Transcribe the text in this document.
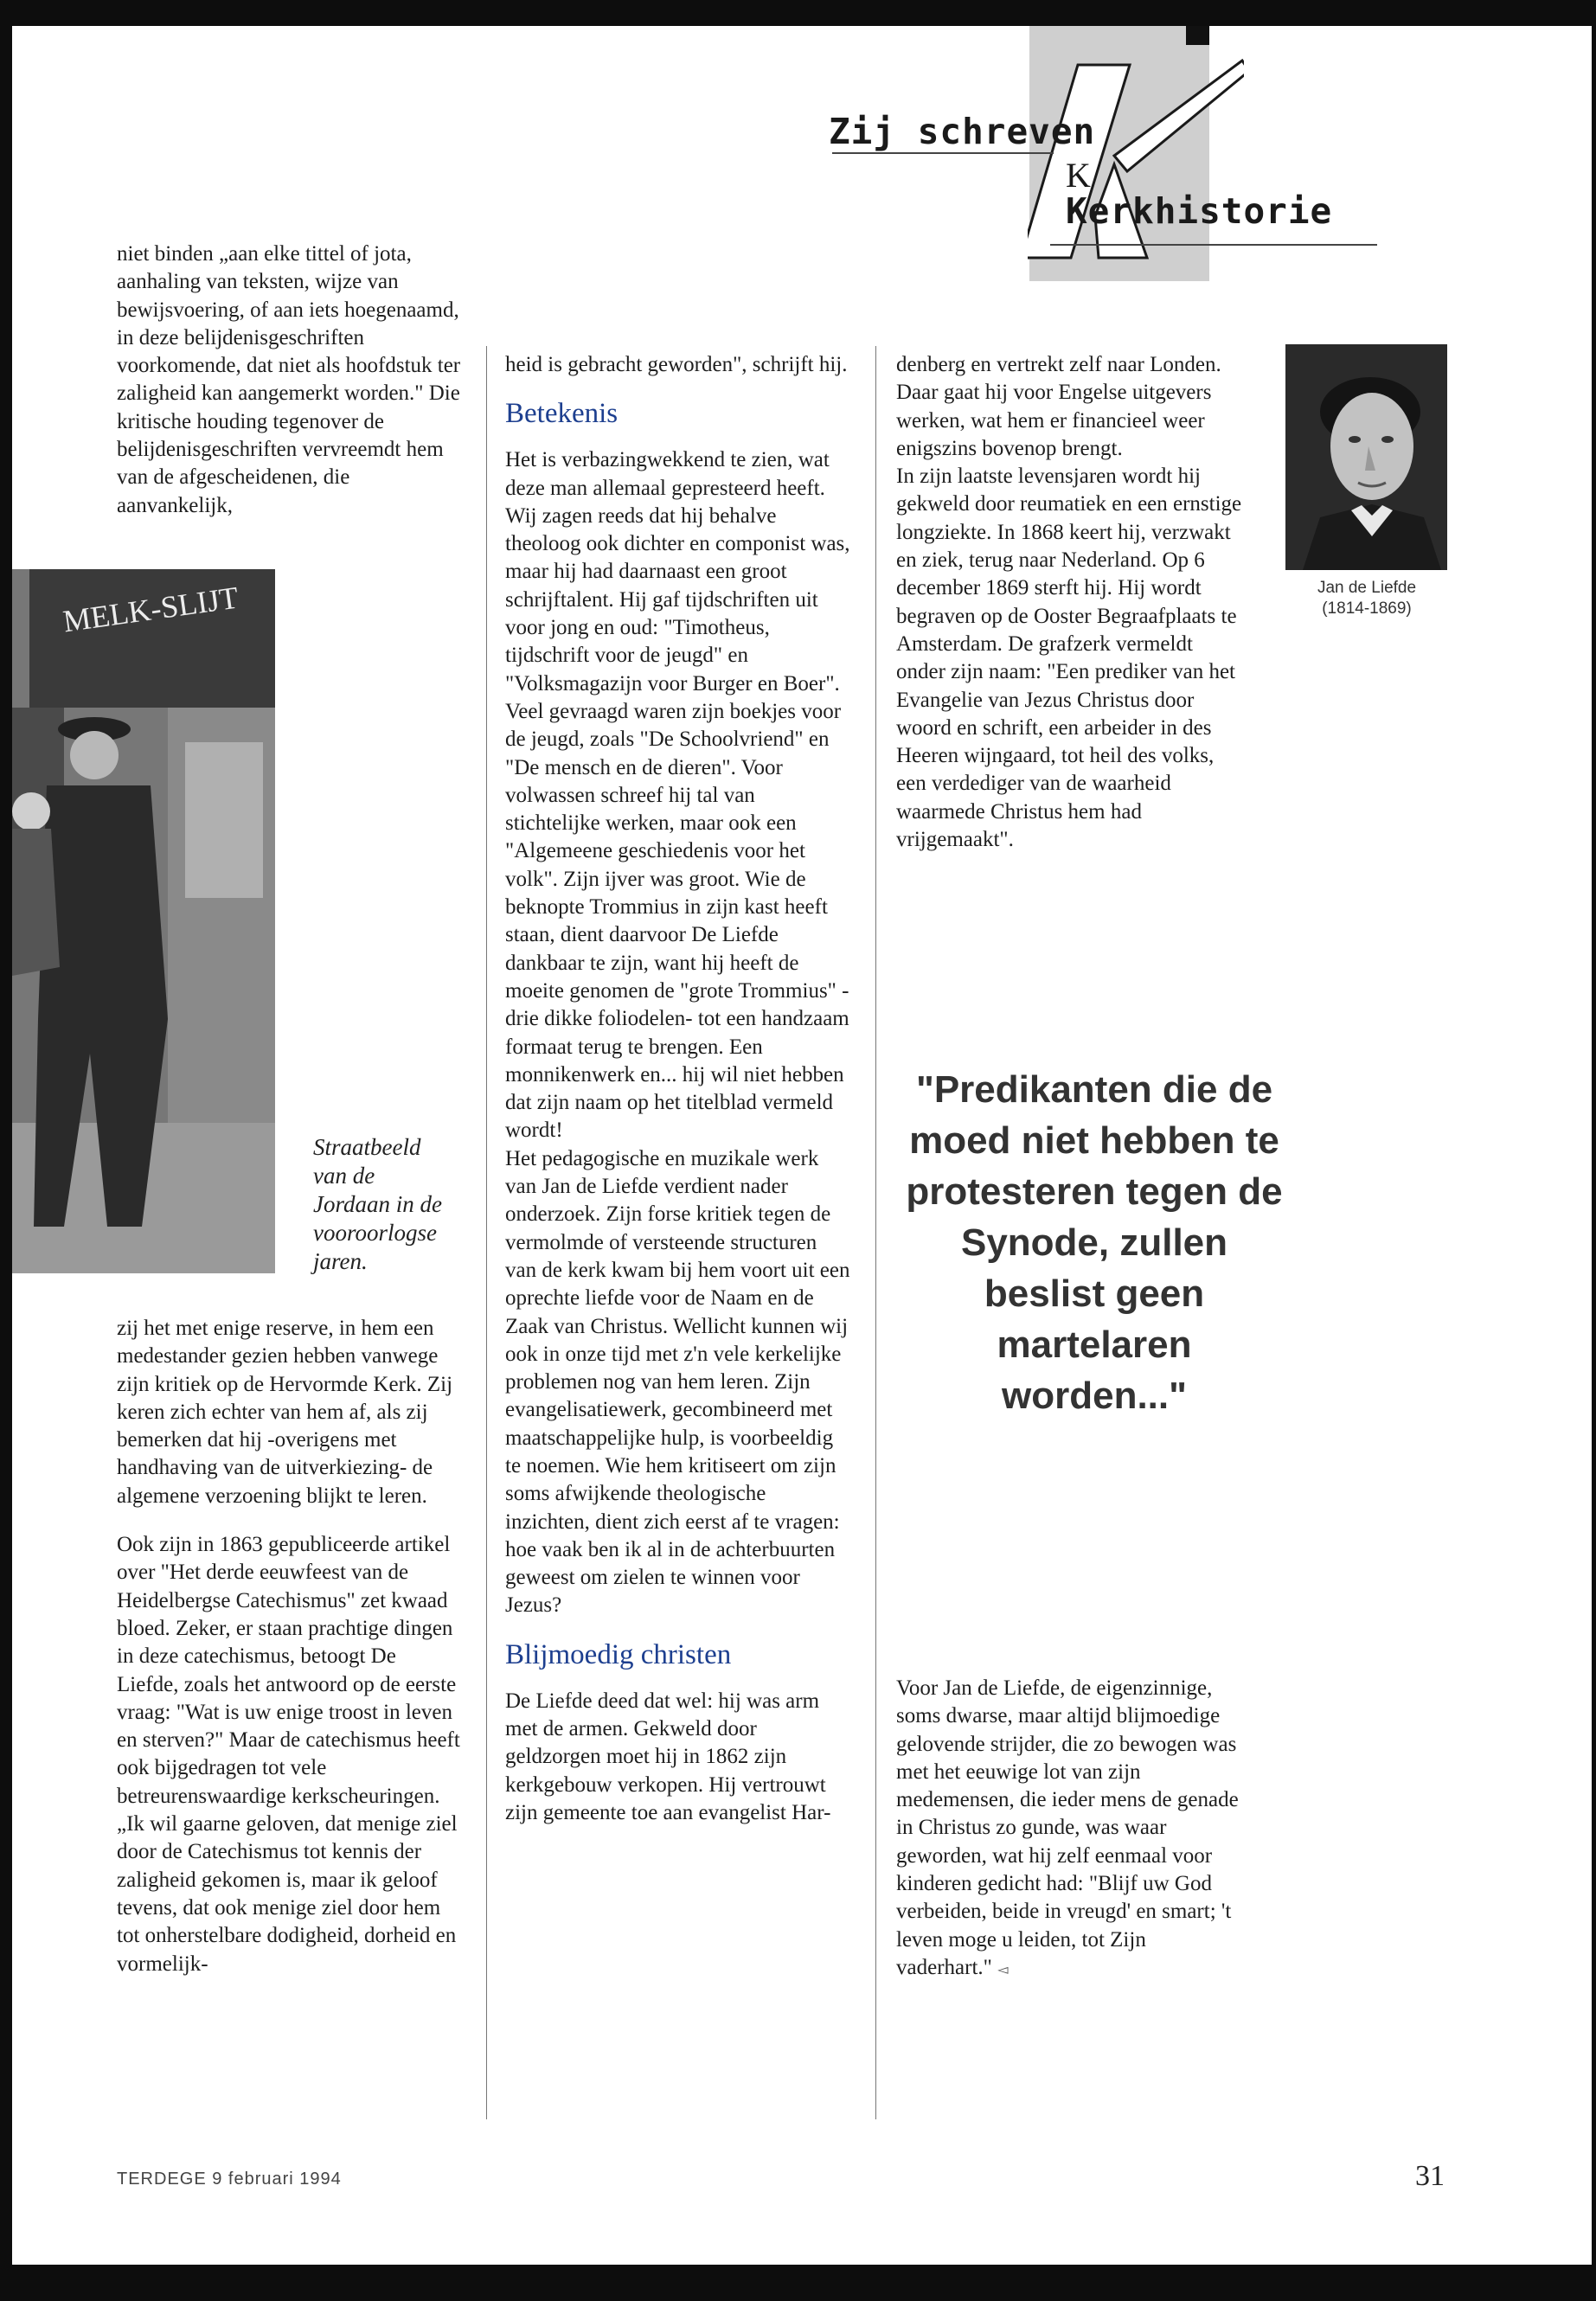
K
Zij schreven
Kerkhistorie

niet binden „aan elke tittel of jota, aanhaling van teksten, wijze van bewijsvoering, of aan iets hoegenaamd, in deze belijdenisgeschriften voorkomende, dat niet als hoofdstuk ter zaligheid kan aangemerkt worden." Die kritische houding tegenover de belijdenisgeschriften vervreemdt hem van de afgescheidenen, die aanvankelijk,

MELK-SLIJT
Straatbeeld van de Jordaan in de vooroorlogse jaren.

zij het met enige reserve, in hem een medestander gezien hebben vanwege zijn kritiek op de Hervormde Kerk. Zij keren zich echter van hem af, als zij bemerken dat hij -overigens met handhaving van de uitverkiezing- de algemene verzoening blijkt te leren.

Ook zijn in 1863 gepubliceerde artikel over "Het derde eeuwfeest van de Heidelbergse Catechismus" zet kwaad bloed. Zeker, er staan prachtige dingen in deze catechismus, betoogt De Liefde, zoals het antwoord op de eerste vraag: "Wat is uw enige troost in leven en sterven?" Maar de catechismus heeft ook bijgedragen tot vele betreurenswaardige kerkscheuringen. „Ik wil gaarne geloven, dat menige ziel door de Catechismus tot kennis der zaligheid gekomen is, maar ik geloof tevens, dat ook menige ziel door hem tot onherstelbare dodigheid, dorheid en vormelijk-

heid is gebracht geworden", schrijft hij.

Betekenis

Het is verbazingwekkend te zien, wat deze man allemaal gepresteerd heeft. Wij zagen reeds dat hij behalve theoloog ook dichter en componist was, maar hij had daarnaast een groot schrijftalent. Hij gaf tijdschriften uit voor jong en oud: "Timotheus, tijdschrift voor de jeugd" en "Volksmagazijn voor Burger en Boer". Veel gevraagd waren zijn boekjes voor de jeugd, zoals "De Schoolvriend" en "De mensch en de dieren". Voor volwassen schreef hij tal van stichtelijke werken, maar ook een "Algemeene geschiedenis voor het volk". Zijn ijver was groot. Wie de beknopte Trommius in zijn kast heeft staan, dient daarvoor De Liefde dankbaar te zijn, want hij heeft de moeite genomen de "grote Trommius" -drie dikke foliodelen- tot een handzaam formaat terug te brengen. Een monnikenwerk en... hij wil niet hebben dat zijn naam op het titelblad vermeld wordt!

Het pedagogische en muzikale werk van Jan de Liefde verdient nader onderzoek. Zijn forse kritiek tegen de vermolmde of versteende structuren van de kerk kwam bij hem voort uit een oprechte liefde voor de Naam en de Zaak van Christus. Wellicht kunnen wij ook in onze tijd met z'n vele kerkelijke problemen nog van hem leren. Zijn evangelisatiewerk, gecombineerd met maatschappelijke hulp, is voorbeeldig te noemen. Wie hem kritiseert om zijn soms afwijkende theologische inzichten, dient zich eerst af te vragen: hoe vaak ben ik al in de achterbuurten geweest om zielen te winnen voor Jezus?

Blijmoedig christen

De Liefde deed dat wel: hij was arm met de armen. Gekweld door geldzorgen moet hij in 1862 zijn kerkgebouw verkopen. Hij vertrouwt zijn gemeente toe aan evangelist Har-

denberg en vertrekt zelf naar Londen. Daar gaat hij voor Engelse uitgevers werken, wat hem er financieel weer enigszins bovenop brengt.

In zijn laatste levensjaren wordt hij gekweld door reumatiek en een ernstige longziekte. In 1868 keert hij, verzwakt en ziek, terug naar Nederland. Op 6 december 1869 sterft hij. Hij wordt begraven op de Ooster Begraafplaats te Amsterdam. De grafzerk vermeldt onder zijn naam: "Een prediker van het Evangelie van Jezus Christus door woord en schrift, een arbeider in des Heeren wijngaard, tot heil des volks, een verdediger van de waarheid waarmede Christus hem had vrijgemaakt".

"Predikanten die de moed niet hebben te protesteren tegen de Synode, zullen beslist geen martelaren worden..."

Voor Jan de Liefde, de eigenzinnige, soms dwarse, maar altijd blijmoedige gelovende strijder, die zo bewogen was met het eeuwige lot van zijn medemensen, die ieder mens de genade in Christus zo gunde, was waar geworden, wat hij zelf eenmaal voor kinderen gedicht had: "Blijf uw God verbeiden, beide in vreugd' en smart; 't leven moge u leiden, tot Zijn vaderhart." ◅

Jan de Liefde
(1814-1869)
TERDEGE 9 februari 1994	31
